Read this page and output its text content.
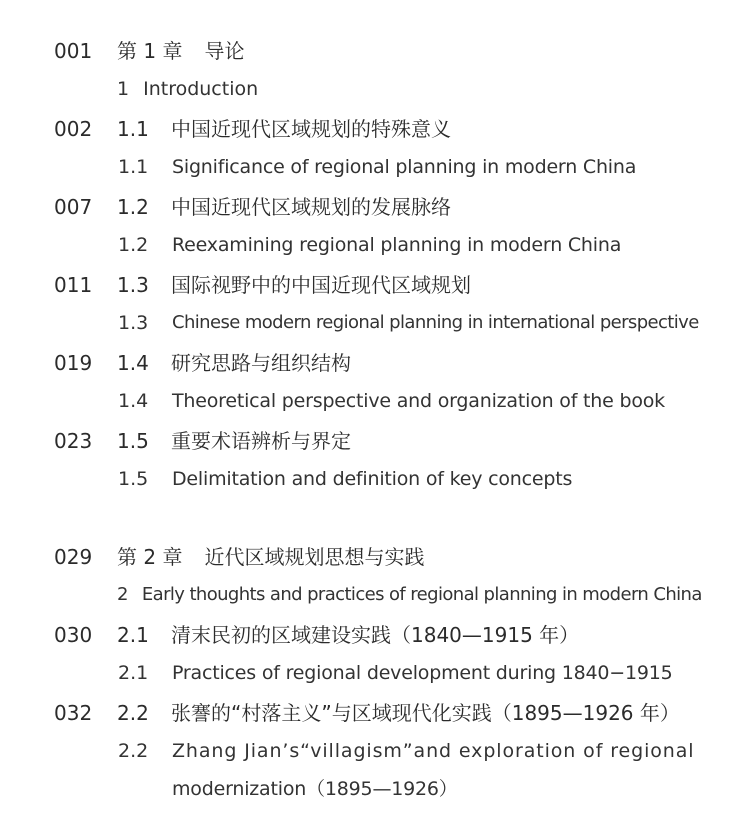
001	第 1 章 导论
1 Introduction
002	1.1	中国近现代区域规划的特殊意义
1.1 Significance of regional planning in modern China
007	1.2	中国近现代区域规划的发展脉络
1.2 Reexamining regional planning in modern China
011	1.3	国际视野中的中国近现代区域规划
1.3 Chinese modern regional planning in international perspective
019	1.4	研究思路与组织结构
1.4 Theoretical perspective and organization of the book
023	1.5	重要术语辨析与界定
1.5 Delimitation and definition of key concepts
029	第 2 章 近代区域规划思想与实践
2 Early thoughts and practices of regional planning in modern China
030	2.1	清末民初的区域建设实践（1840—1915 年）
2.1 Practices of regional development during 1840−1915
032	2.2	张謇的“村落主义”与区域现代化实践（1895—1926 年）
2.2 Zhang Jian’s“villagism”and exploration of regional
modernization（1895—1926）
